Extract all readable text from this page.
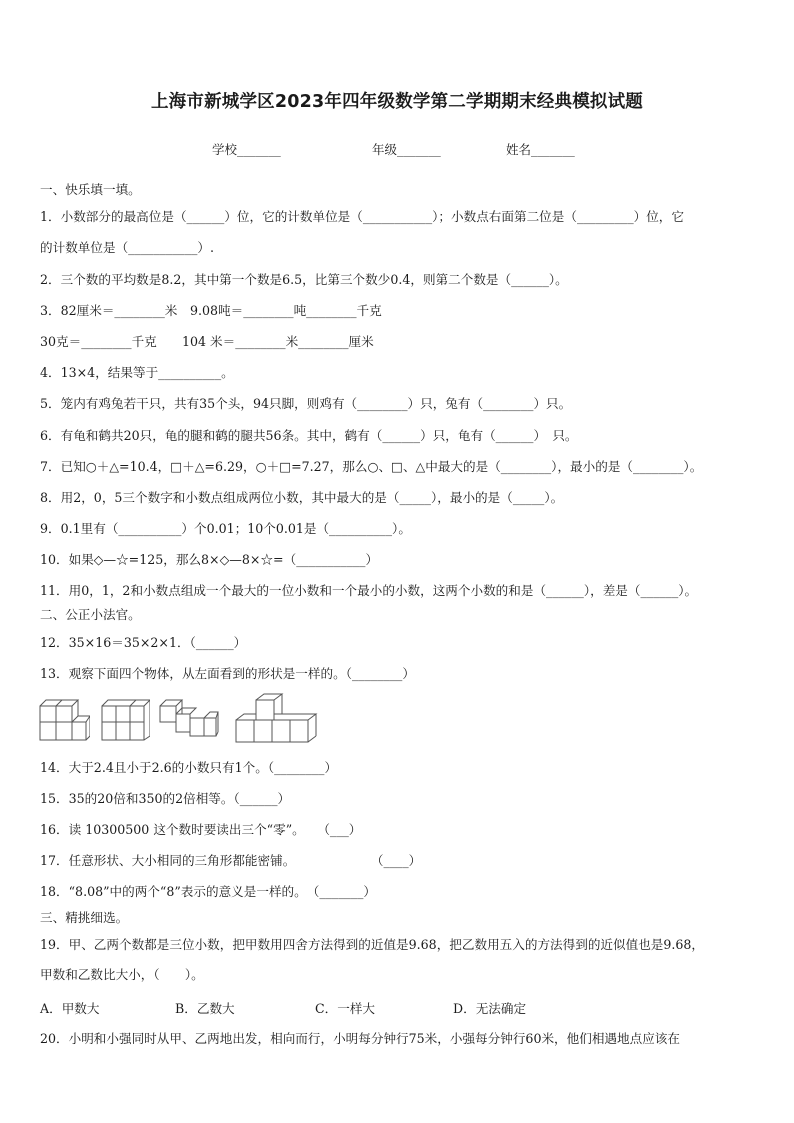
上海市新城学区2023年四年级数学第二学期期末经典模拟试题
学校_______	年级_______	姓名_______
一、快乐填一填。
1．小数部分的最高位是（______）位，它的计数单位是（___________）；小数点右面第二位是（_________）位，它
的计数单位是（___________）.
2．三个数的平均数是8.2，其中第一个数是6.5，比第三个数少0.4，则第二个数是（______）。
3．82厘米＝________米　9.08吨＝________吨________千克
30克＝________千克　　104 米＝________米________厘米
4．13×4，结果等于__________。
5．笼内有鸡兔若干只，共有35个头，94只脚，则鸡有（________）只，兔有（________）只。
6．有龟和鹤共20只，龟的腿和鹤的腿共56条。其中，鹤有（______）只，龟有（______）　只。
7．已知○＋△=10.4，□＋△=6.29，○＋□=7.27，那么○、□、△中最大的是（________），最小的是（________）。
8．用2，0，5三个数字和小数点组成两位小数，其中最大的是（_____），最小的是（_____）。
9．0.1里有（__________）个0.01；10个0.01是（__________）。
10．如果◇—☆=125，那么8×◇—8×☆=（___________）
11．用0，1，2和小数点组成一个最大的一位小数和一个最小的小数，这两个小数的和是（______），差是（______）。
二、公正小法官。
12．35×16＝35×2×1．（______）
13．观察下面四个物体，从左面看到的形状是一样的。（________）
14．大于2.4且小于2.6的小数只有1个。（________）
15．35的20倍和350的2倍相等。（______）
16．读 10300500 这个数时要读出三个“零”。　　（___）
17．任意形状、大小相同的三角形都能密铺。　　　　　　　（____）
18．“8.08”中的两个“8”表示的意义是一样的。　（_______）
三、精挑细选。
19．甲、乙两个数都是三位小数，把甲数用四舍方法得到的近值是9.68，把乙数用五入的方法得到的近似值也是9.68，
甲数和乙数比大小，（　　）。
A．甲数大	B．乙数大	C．一样大	D．无法确定
20．小明和小强同时从甲、乙两地出发，相向而行，小明每分钟行75米，小强每分钟行60米，他们相遇地点应该在
